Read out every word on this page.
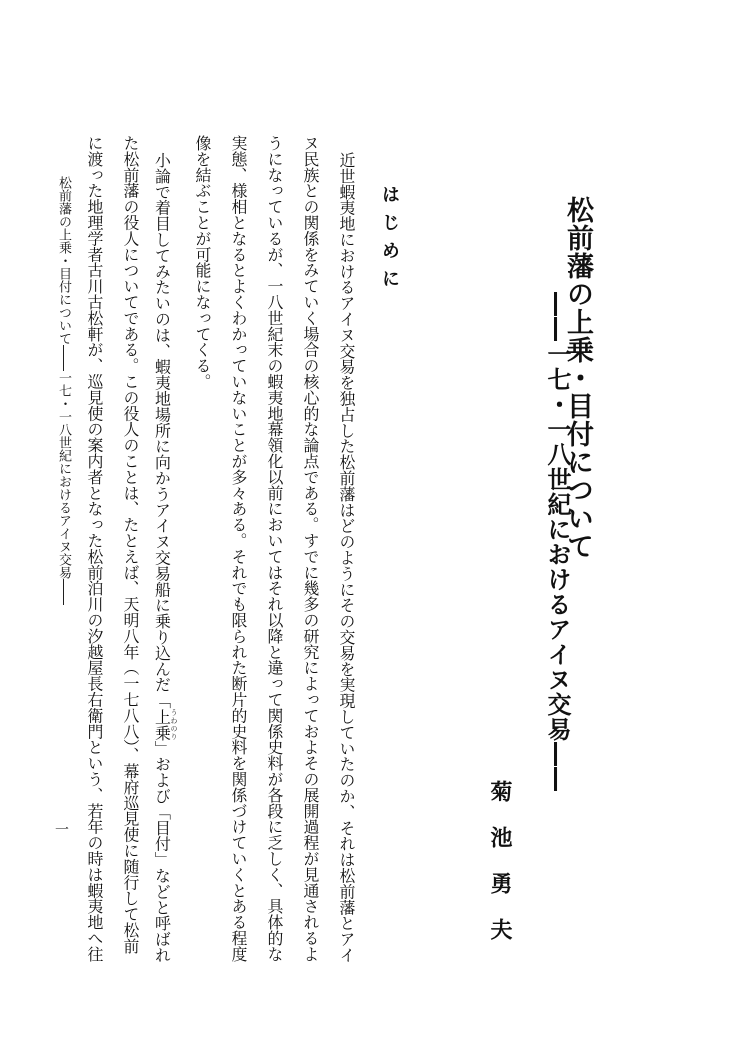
松前藩の上乗・目付について
――一七・一八世紀におけるアイヌ交易――
菊池勇夫
はじめに
近世蝦夷地におけるアイヌ交易を独占した松前藩はどのようにその交易を実現していたのか、それは松前藩とアイ
ヌ民族との関係をみていく場合の核心的な論点である。すでに幾多の研究によっておよその展開過程が見通されるよ
うになっているが、一八世紀末の蝦夷地幕領化以前においてはそれ以降と違って関係史料が各段に乏しく、具体的な
実態、様相となるとよくわかっていないことが多々ある。それでも限られた断片的史料を関係づけていくとある程度
像を結ぶことが可能になってくる。
小論で着目してみたいのは、蝦夷地場所に向かうアイヌ交易船に乗り込んだ「上乗うわのり」および「目付」などと呼ばれ
た松前藩の役人についてである。この役人のことは、たとえば、天明八年（一七八八）、幕府巡見使に随行して松前
に渡った地理学者古川古松軒が、巡見使の案内者となった松前泊川の汐越屋長右衛門という、若年の時は蝦夷地へ往
松前藩の上乗・目付について――一七・一八世紀におけるアイヌ交易――
一
